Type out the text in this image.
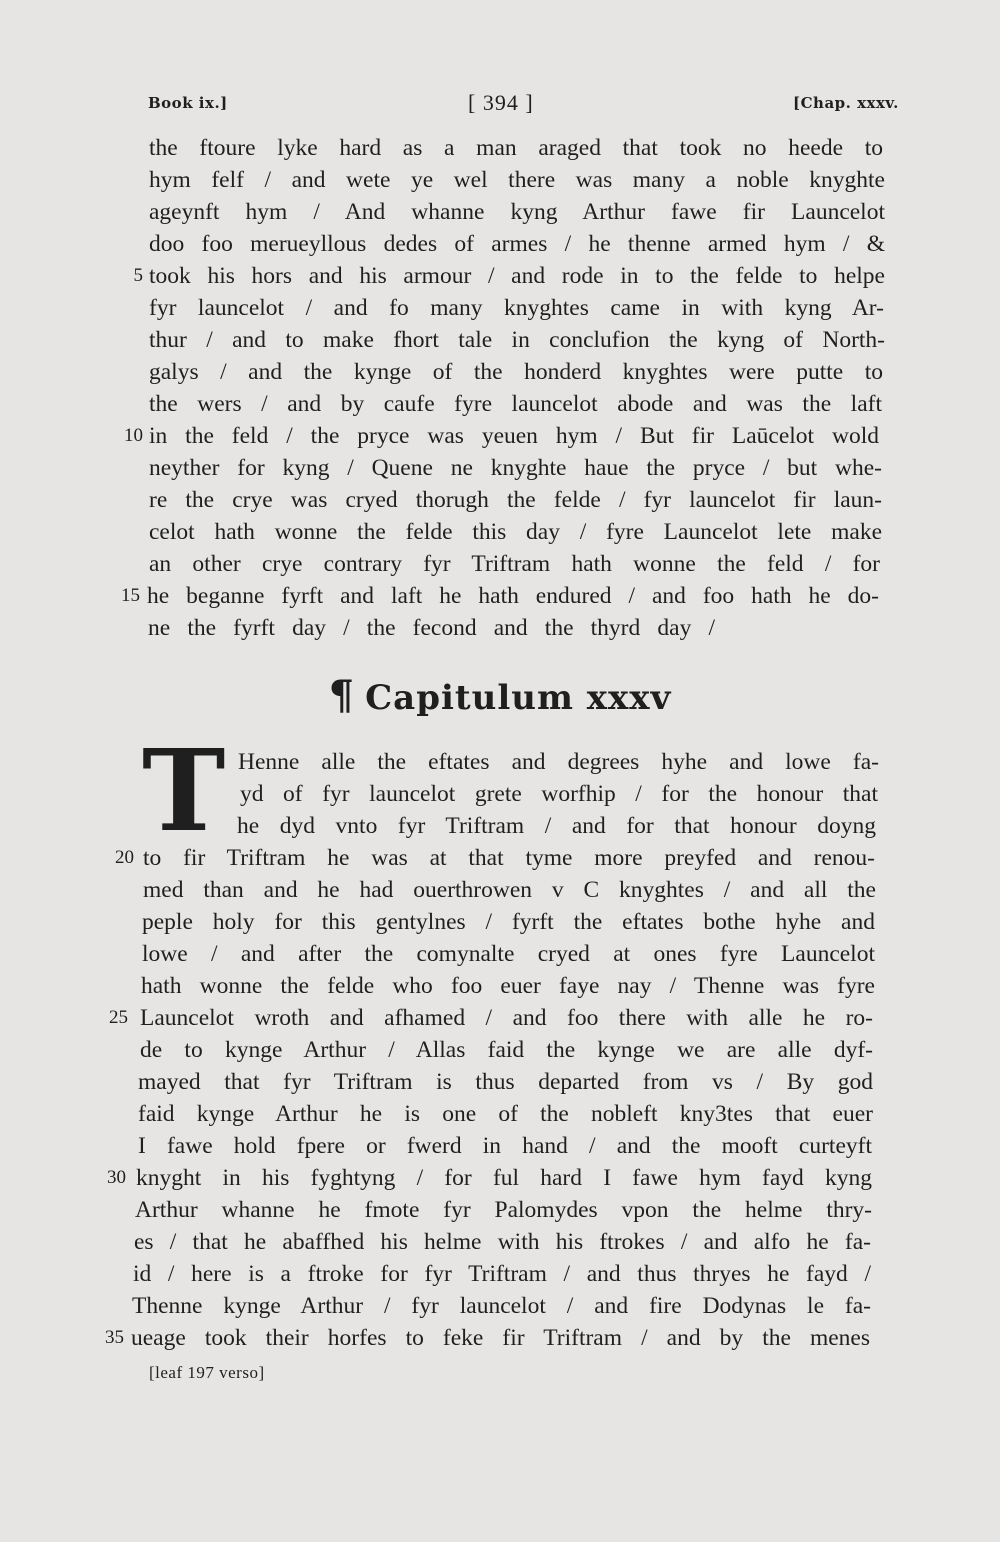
Book ix.]	[ 394 ]	[Chap. xxxv.
the ftoure lyke hard as a man araged that took no heede to
hym felf / and wete ye wel there was many a noble knyghte
ageynft hym / And whanne kyng Arthur fawe fir Launcelot
doo foo merueyllous dedes of armes / he thenne armed hym / &
took his hors and his armour / and rode in to the felde to helpe
fyr launcelot / and fo many knyghtes came in with kyng Ar-
thur / and to make fhort tale in conclufion the kyng of North-
galys / and the kynge of the honderd knyghtes were putte to
the wers / and by caufe fyre launcelot abode and was the laft
in the feld / the pryce was yeuen hym / But fir Laūcelot wold
neyther for kyng / Quene ne knyghte haue the pryce / but whe-
re the crye was cryed thorugh the felde / fyr launcelot fir laun-
celot hath wonne the felde this day / fyre Launcelot lete make
an other crye contrary fyr Triftram hath wonne the feld / for
he beganne fyrft and laft he hath endured / and foo hath he do-
ne the fyrft day / the fecond and the thyrd day /
5
10
15
¶ Capitulum xxxv
T Henne alle the eftates and degrees hyhe and lowe fa-
yd of fyr launcelot grete worfhip / for the honour that
he dyd vnto fyr Triftram / and for that honour doyng
to fir Triftram he was at that tyme more preyfed and renou-
med than and he had ouerthrowen v C knyghtes / and all the
peple holy for this gentylnes / fyrft the eftates bothe hyhe and
lowe / and after the comynalte cryed at ones fyre Launcelot
hath wonne the felde who foo euer faye nay / Thenne was fyre
Launcelot wroth and afhamed / and foo there with alle he ro-
de to kynge Arthur / Allas faid the kynge we are alle dyf-
mayed that fyr Triftram is thus departed from vs / By god
faid kynge Arthur he is one of the nobleft kny3tes that euer
I fawe hold fpere or fwerd in hand / and the mooft curteyft
knyght in his fyghtyng / for ful hard I fawe hym fayd kyng
Arthur whanne he fmote fyr Palomydes vpon the helme thry-
es / that he abaffhed his helme with his ftrokes / and alfo he fa-
id / here is a ftroke for fyr Triftram / and thus thryes he fayd /
Thenne kynge Arthur / fyr launcelot / and fire Dodynas le fa-
ueage took their horfes to feke fir Triftram / and by the menes
20
25
30
35
[leaf 197 verso]
